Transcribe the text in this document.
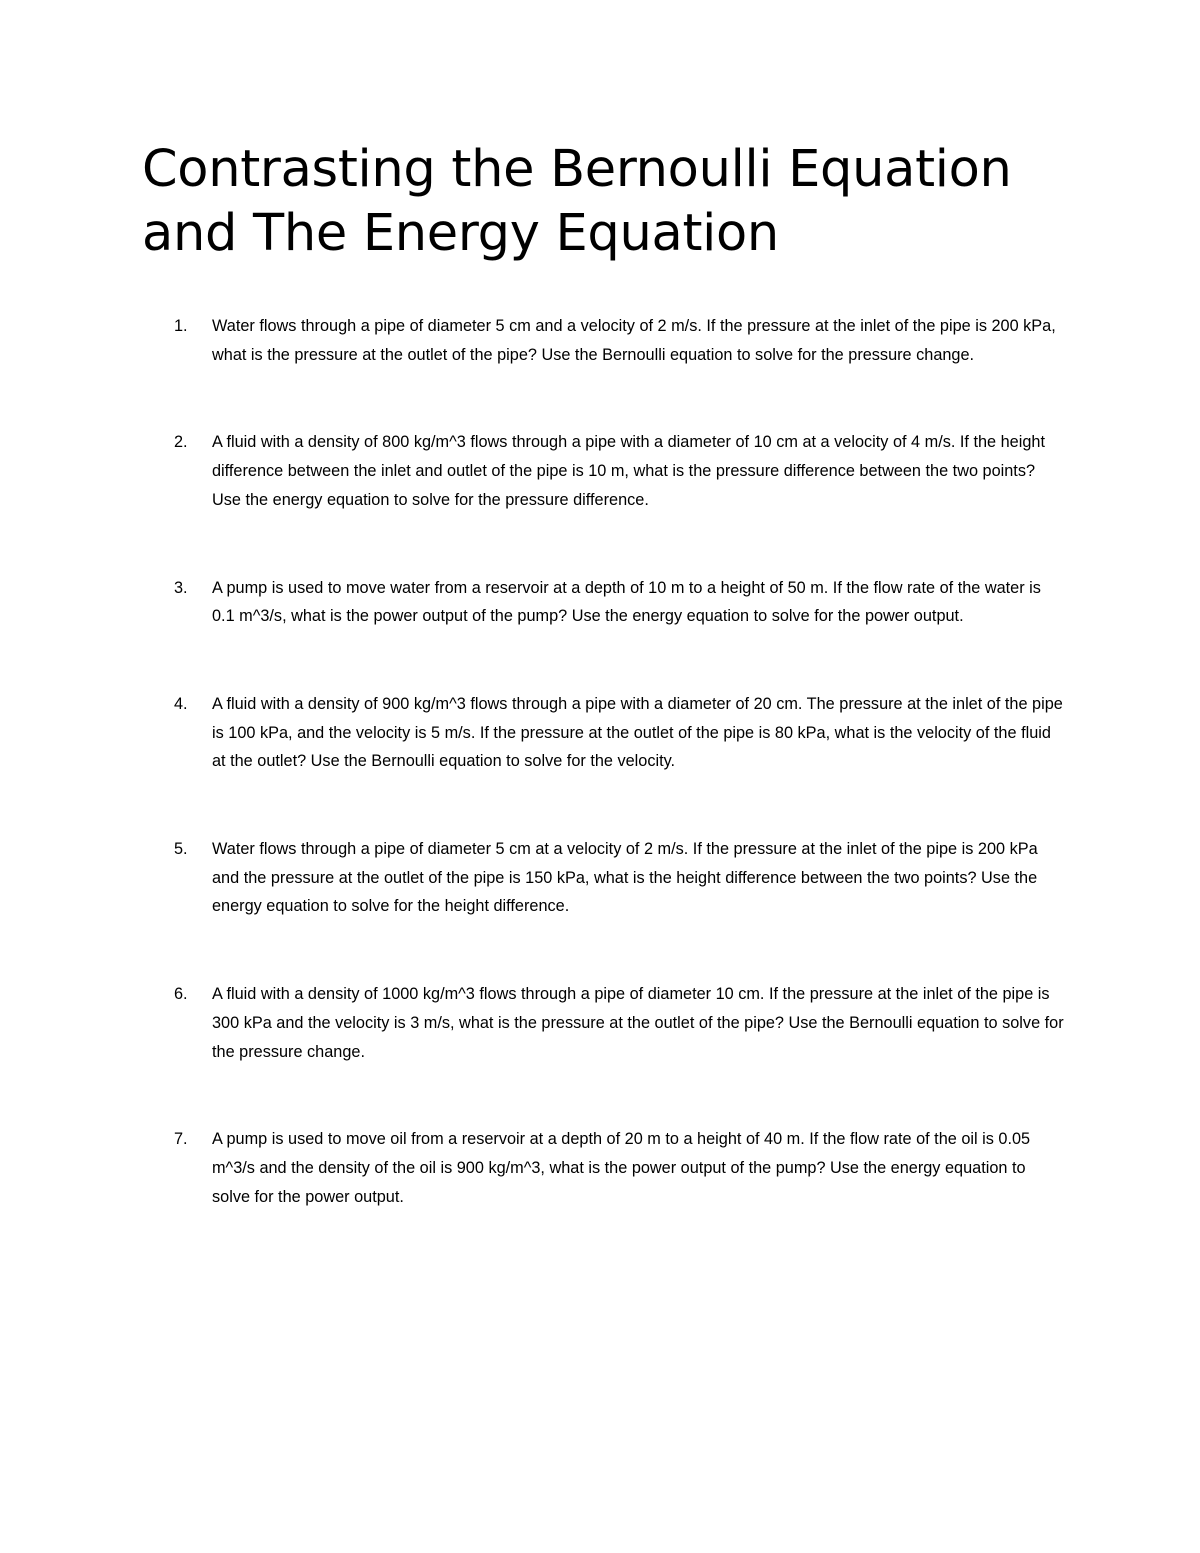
Contrasting the Bernoulli Equation
and The Energy Equation
1. Water flows through a pipe of diameter 5 cm and a velocity of 2 m/s. If the pressure at the inlet of the pipe is 200 kPa, what is the pressure at the outlet of the pipe? Use the Bernoulli equation to solve for the pressure change.
2. A fluid with a density of 800 kg/m^3 flows through a pipe with a diameter of 10 cm at a velocity of 4 m/s. If the height difference between the inlet and outlet of the pipe is 10 m, what is the pressure difference between the two points? Use the energy equation to solve for the pressure difference.
3. A pump is used to move water from a reservoir at a depth of 10 m to a height of 50 m. If the flow rate of the water is 0.1 m^3/s, what is the power output of the pump? Use the energy equation to solve for the power output.
4. A fluid with a density of 900 kg/m^3 flows through a pipe with a diameter of 20 cm. The pressure at the inlet of the pipe is 100 kPa, and the velocity is 5 m/s. If the pressure at the outlet of the pipe is 80 kPa, what is the velocity of the fluid at the outlet? Use the Bernoulli equation to solve for the velocity.
5. Water flows through a pipe of diameter 5 cm at a velocity of 2 m/s. If the pressure at the inlet of the pipe is 200 kPa and the pressure at the outlet of the pipe is 150 kPa, what is the height difference between the two points? Use the energy equation to solve for the height difference.
6. A fluid with a density of 1000 kg/m^3 flows through a pipe of diameter 10 cm. If the pressure at the inlet of the pipe is 300 kPa and the velocity is 3 m/s, what is the pressure at the outlet of the pipe? Use the Bernoulli equation to solve for the pressure change.
7. A pump is used to move oil from a reservoir at a depth of 20 m to a height of 40 m. If the flow rate of the oil is 0.05 m^3/s and the density of the oil is 900 kg/m^3, what is the power output of the pump? Use the energy equation to solve for the power output.
